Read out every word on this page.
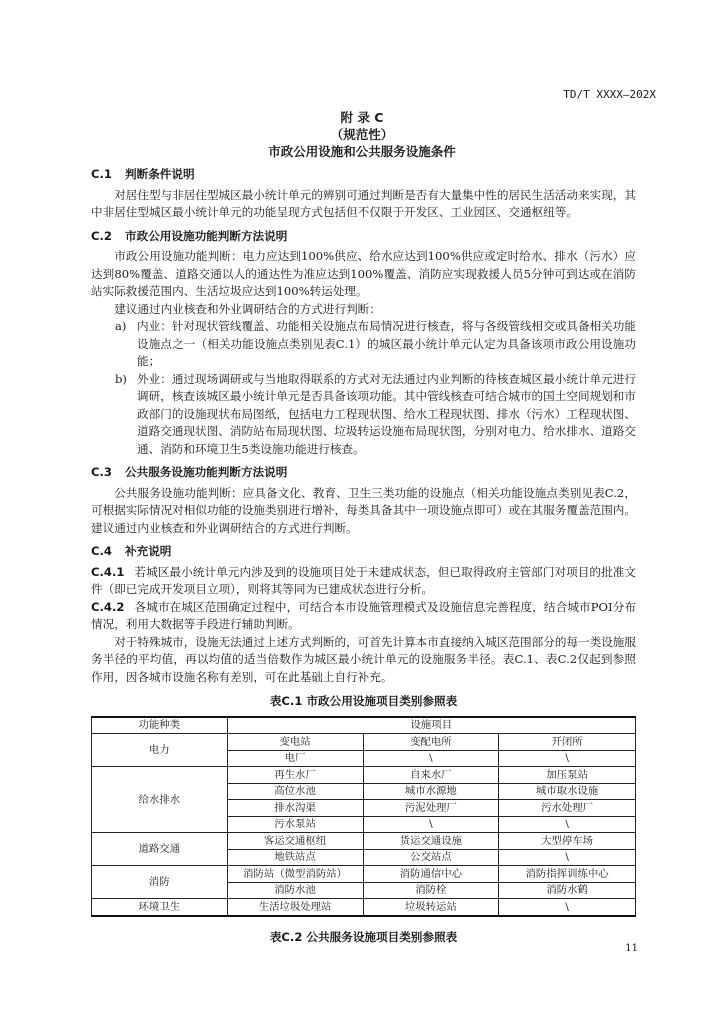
TD/T XXXX—202X
附 录 C
（规范性）
市政公用设施和公共服务设施条件
C.1 判断条件说明

对居住型与非居住型城区最小统计单元的辨别可通过判断是否有大量集中性的居民生活活动来实现，其中非居住型城区最小统计单元的功能呈现方式包括但不仅限于开发区、工业园区、交通枢纽等。

C.2 市政公用设施功能判断方法说明

市政公用设施功能判断：电力应达到100%供应、给水应达到100%供应或定时给水、排水（污水）应达到80%覆盖、道路交通以人的通达性为准应达到100%覆盖、消防应实现救援人员5分钟可到达或在消防站实际救援范围内、生活垃圾应达到100%转运处理。

建议通过内业核查和外业调研结合的方式进行判断：

a) 内业：针对现状管线覆盖、功能相关设施点布局情况进行核查，将与各级管线相交或具备相关功能设施点之一（相关功能设施点类别见表C.1）的城区最小统计单元认定为具备该项市政公用设施功能；
b) 外业：通过现场调研或与当地取得联系的方式对无法通过内业判断的待核查城区最小统计单元进行调研，核查该城区最小统计单元是否具备该项功能。其中管线核查可结合城市的国土空间规划和市政部门的设施现状布局图纸，包括电力工程现状图、给水工程现状图、排水（污水）工程现状图、道路交通现状图、消防站布局现状图、垃圾转运设施布局现状图，分别对电力、给水排水、道路交通、消防和环境卫生5类设施功能进行核查。
C.3 公共服务设施功能判断方法说明

公共服务设施功能判断：应具备文化、教育、卫生三类功能的设施点（相关功能设施点类别见表C.2，可根据实际情况对相似功能的设施类别进行增补，每类具备其中一项设施点即可）或在其服务覆盖范围内。建议通过内业核查和外业调研结合的方式进行判断。

C.4 补充说明

C.4.1 若城区最小统计单元内涉及到的设施项目处于未建成状态，但已取得政府主管部门对项目的批准文件（即已完成开发项目立项），则将其等同为已建成状态进行分析。

C.4.2 各城市在城区范围确定过程中，可结合本市设施管理模式及设施信息完善程度，结合城市POI分布情况，利用大数据等手段进行辅助判断。

对于特殊城市，设施无法通过上述方式判断的，可首先计算本市直接纳入城区范围部分的每一类设施服务半径的平均值，再以均值的适当倍数作为城区最小统计单元的设施服务半径。表C.1、表C.2仅起到参照作用，因各城市设施名称有差别，可在此基础上自行补充。

表C.1 市政公用设施项目类别参照表
功能种类	设施项目		
电力	变电站	变配电所	开闭所
	电厂	\	\
给水排水	再生水厂	自来水厂	加压泵站
	高位水池	城市水源地	城市取水设施
	排水沟渠	污泥处理厂	污水处理厂
	污水泵站	\	\
道路交通	客运交通枢纽	货运交通设施	大型停车场
	地铁站点	公交站点	\
消防	消防站（微型消防站）	消防通信中心	消防指挥训练中心
	消防水池	消防栓	消防水鹤
环境卫生	生活垃圾处理站	垃圾转运站	\
表C.2 公共服务设施项目类别参照表
11
